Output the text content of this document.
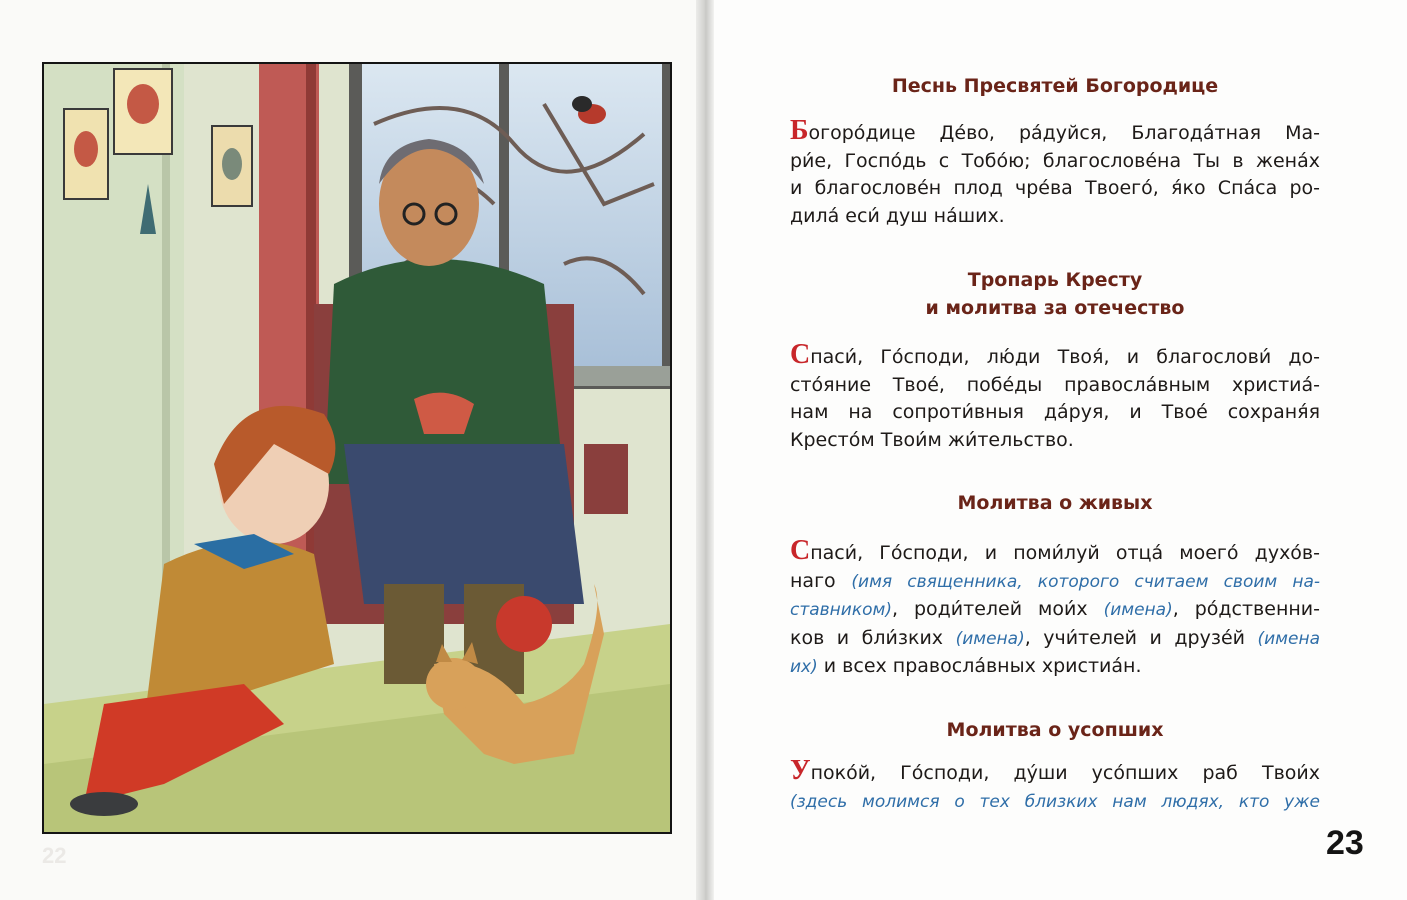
22
Песнь Пресвятей Богородице

Богоро́дице Де́во, ра́дуйся, Благода́тная Ма-
ри́е, Госпо́дь с Тобо́ю; благослове́на Ты в жена́х
и благослове́н плод чре́ва Твоего́, я́ко Спа́са ро-
дила́ еси́ душ на́ших.

Тропарь Кресту
и молитва за отечество

Спаси́, Го́споди, лю́ди Твоя́, и благослови́ до-
сто́яние Твое́, побе́ды правосла́вным христиа́-
нам на сопроти́вныя да́руя, и Твое́ сохраня́я
Кресто́м Твои́м жи́тельство.

Молитва о живых

Спаси́, Го́споди, и поми́луй отца́ моего́ духо́в-
наго (имя священника, которого считаем своим на-
ставником), роди́телей мои́х (имена), ро́дственни-
ков и бли́зких (имена), учи́телей и друзе́й (имена
их) и всех правосла́вных христиа́н.

Молитва о усопших

Упоко́й, Го́споди, ду́ши усо́пших раб Твои́х
(здесь молимся о тех близких нам людях, кто уже

23
